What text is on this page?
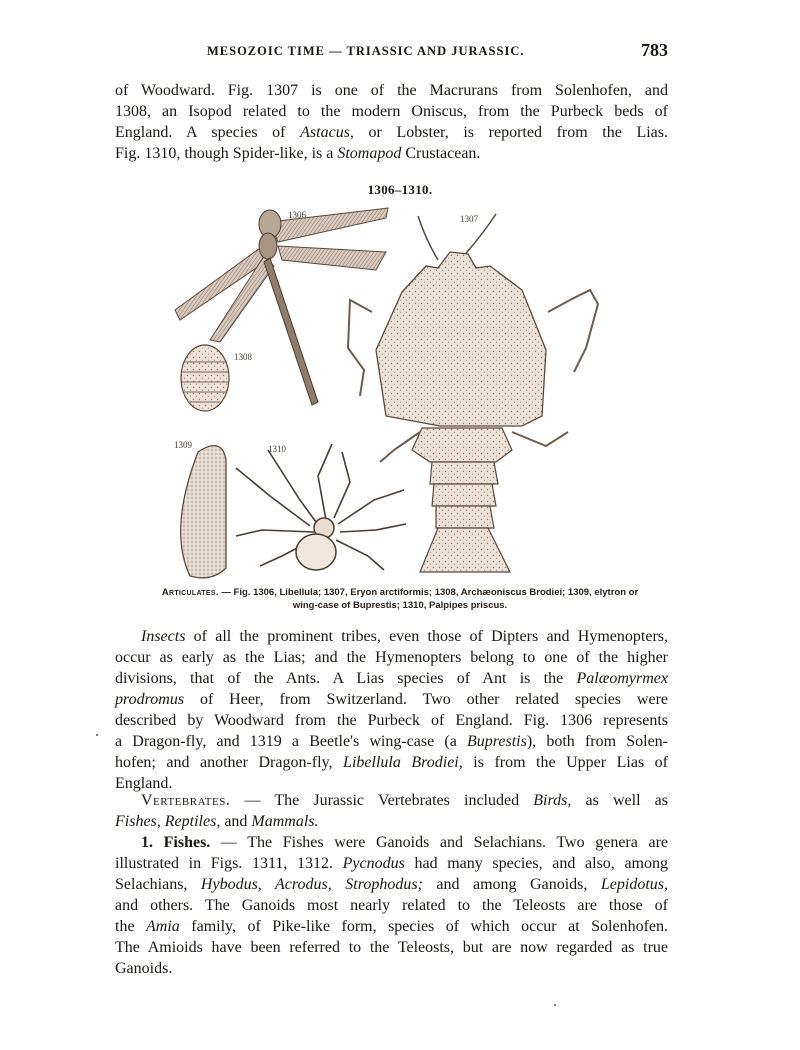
MESOZOIC TIME — TRIASSIC AND JURASSIC.	783

of Woodward. Fig. 1307 is one of the Macrurans from Solenhofen, and
1308, an Isopod related to the modern Oniscus, from the Purbeck beds of
England. A species of Astacus, or Lobster, is reported from the Lias.
Fig. 1310, though Spider-like, is a Stomapod Crustacean.

1306–1310.
1306	1307
1308
1309	1310
Articulates. — Fig. 1306, Libellula; 1307, Eryon arctiformis; 1308, Archæoniscus Brodiei; 1309, elytron or
wing-case of Buprestis; 1310, Palpipes priscus.

Insects of all the prominent tribes, even those of Dipters and Hymenopters,
occur as early as the Lias; and the Hymenopters belong to one of the higher
divisions, that of the Ants. A Lias species of Ant is the Palæomyrmex
prodromus of Heer, from Switzerland. Two other related species were
described by Woodward from the Purbeck of England. Fig. 1306 represents
a Dragon-fly, and 1319 a Beetle's wing-case (a Buprestis), both from Solen-
hofen; and another Dragon-fly, Libellula Brodiei, is from the Upper Lias of
England.

Vertebrates. — The Jurassic Vertebrates included Birds, as well as
Fishes, Reptiles, and Mammals.

1. Fishes. — The Fishes were Ganoids and Selachians. Two genera are
illustrated in Figs. 1311, 1312. Pycnodus had many species, and also, among
Selachians, Hybodus, Acrodus, Strophodus; and among Ganoids, Lepidotus,
and others. The Ganoids most nearly related to the Teleosts are those of
the Amia family, of Pike-like form, species of which occur at Solenhofen.
The Amioids have been referred to the Teleosts, but are now regarded as true
Ganoids.
